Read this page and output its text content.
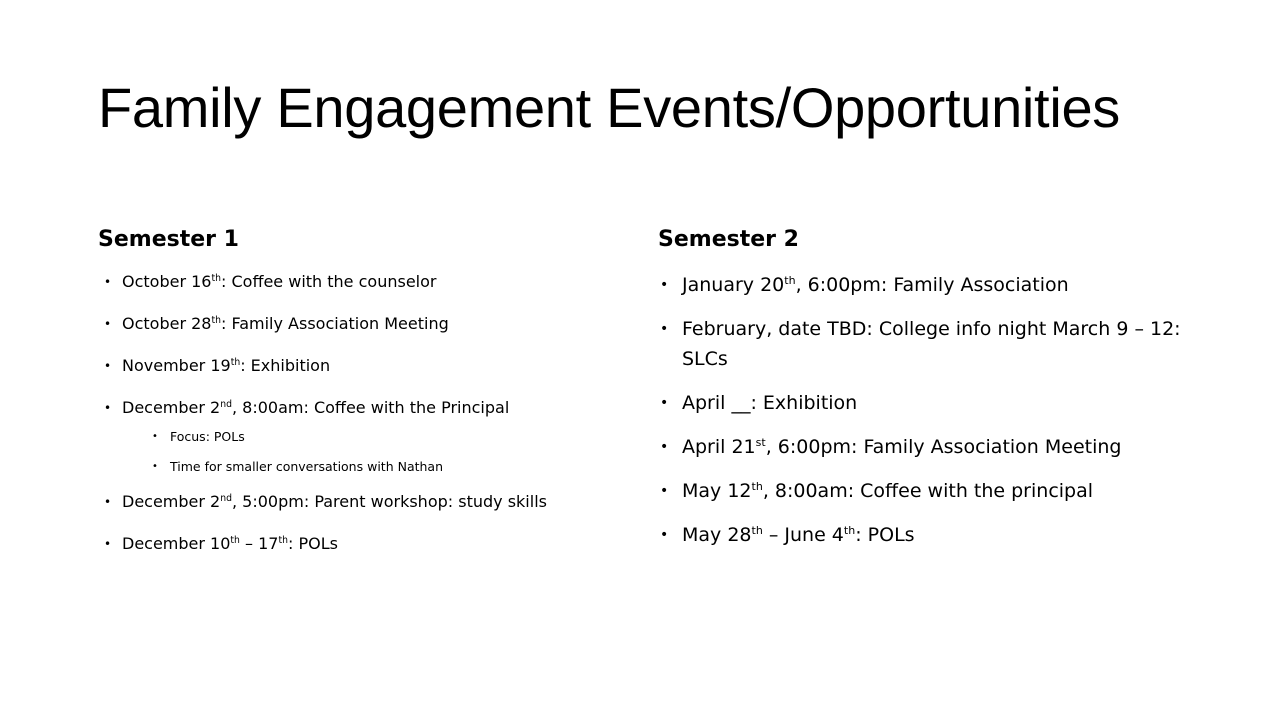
Family Engagement Events/Opportunities
Semester 1
• October 16th: Coffee with the counselor
• October 28th: Family Association Meeting
• November 19th: Exhibition
• December 2nd, 8:00am: Coffee with the Principal
• Focus: POLs
• Time for smaller conversations with Nathan
• December 2nd, 5:00pm: Parent workshop: study skills
• December 10th – 17th: POLs
Semester 2
• January 20th, 6:00pm: Family Association
• February, date TBD: College info night March 9 – 12: SLCs
• April __: Exhibition
• April 21st, 6:00pm: Family Association Meeting
• May 12th, 8:00am: Coffee with the principal
• May 28th – June 4th: POLs
